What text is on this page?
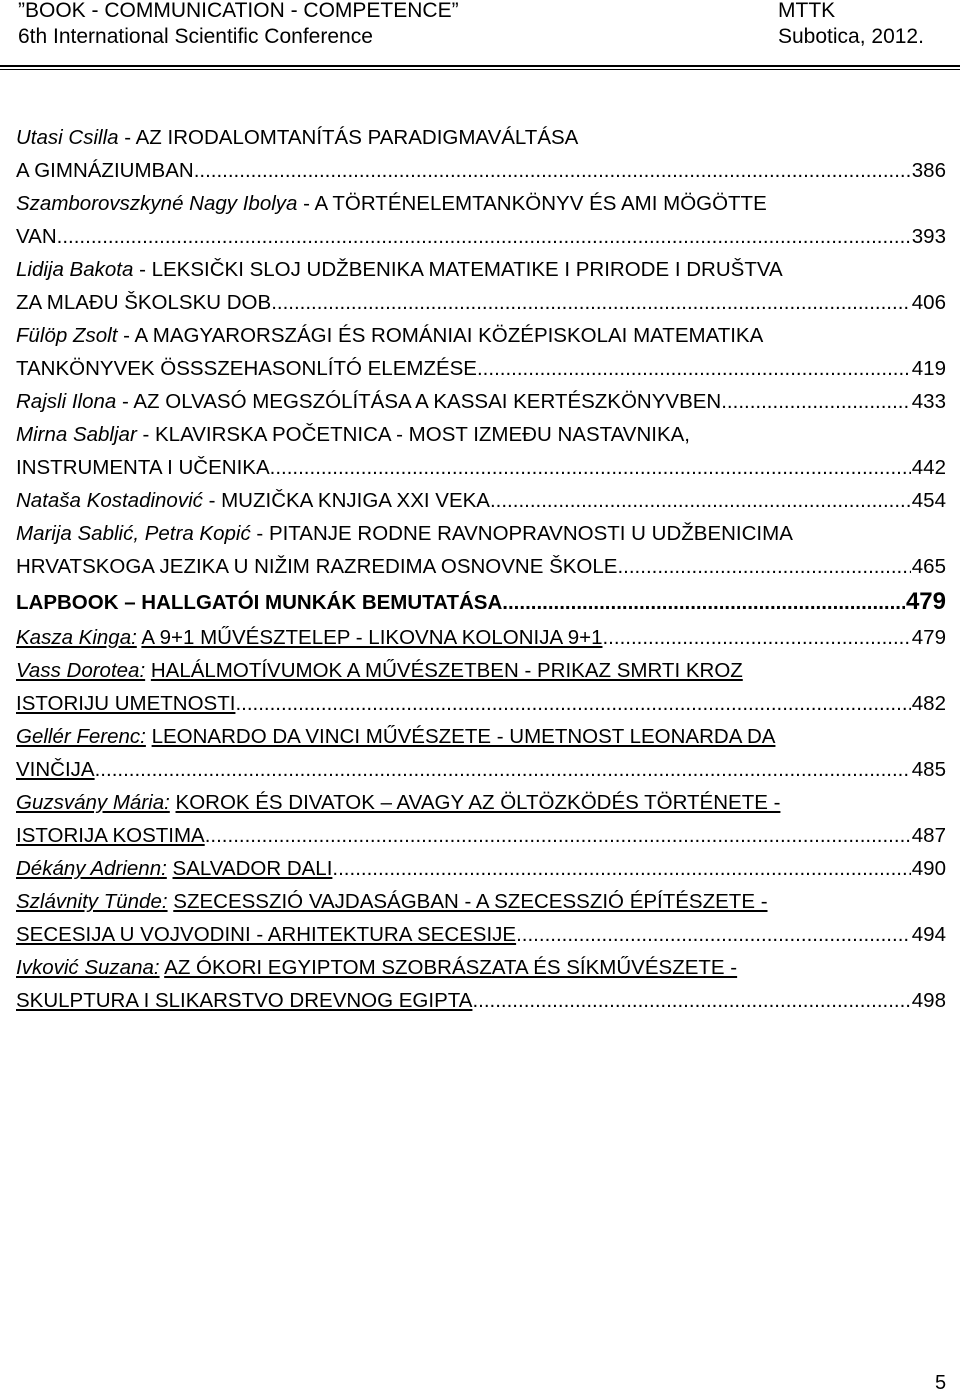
”BOOK - COMMUNICATION - COMPETENCE”	MTTK
6th International Scientific Conference	Subotica, 2012.
Utasi Csilla - AZ IRODALOMTANÍTÁS PARADIGMAVÁLTÁSA
A GIMNÁZIUMBAN .....	386
Szamborovszkyné Nagy Ibolya - A TÖRTÉNELEMTANKÖNYV ÉS AMI MÖGÖTTE
VAN .....	393
Lidija Bakota - LEKSIČKI SLOJ UDŽBENIKA MATEMATIKE I PRIRODE I DRUŠTVA
ZA MLAĐU ŠKOLSKU DOB .....	406
Fülöp Zsolt - A MAGYARORSZÁGI ÉS ROMÁNIAI KÖZÉPISKOLAI MATEMATIKA
TANKÖNYVEK ÖSSSZEHASONLÍTÓ ELEMZÉSE .....	419
Rajsli Ilona - AZ OLVASÓ MEGSZÓLÍTÁSA A KASSAI KERTÉSZKÖNYVBEN .....	433
Mirna Sabljar - KLAVIRSKA POČETNICA - MOST IZMEĐU NASTAVNIKA,
INSTRUMENTA I UČENIKA .....	442
Nataša Kostadinović - MUZIČKA KNJIGA XXI VEKA .....	454
Marija Sablić, Petra Kopić - PITANJE RODNE RAVNOPRAVNOSTI U UDŽBENICIMA
HRVATSKOGA JEZIKA U NIŽIM RAZREDIMA OSNOVNE ŠKOLE .....	465
LAPBOOK – HALLGATÓI MUNKÁK BEMUTATÁSA .....	479
Kasza Kinga: A 9+1 MŰVÉSZTELEP - LIKOVNA KOLONIJA 9+1 .....	479
Vass Dorotea: HALÁLMOTÍVUMOK A MŰVÉSZETBEN - PRIKAZ SMRTI KROZ
ISTORIJU UMETNOSTI .....	482
Gellér Ferenc: LEONARDO DA VINCI MŰVÉSZETE - UMETNOST LEONARDA DA
VINČIJA .....	485
Guzsvány Mária: KOROK ÉS DIVATOK – AVAGY AZ ÖLTÖZKÖDÉS TÖRTÉNETE -
ISTORIJA KOSTIMA .....	487
Dékány Adrienn: SALVADOR DALI .....	490
Szlávnity Tünde: SZECESSZIÓ VAJDASÁGBAN - A SZECESSZIÓ ÉPÍTÉSZETE -
SECESIJA U VOJVODINI - ARHITEKTURA SECESIJE .....	494
Ivković Suzana: AZ ÓKORI EGYIPTOM SZOBRÁSZATA ÉS SÍKMŰVÉSZETE -
SKULPTURA I SLIKARSTVO DREVNOG EGIPTA .....	498
5
